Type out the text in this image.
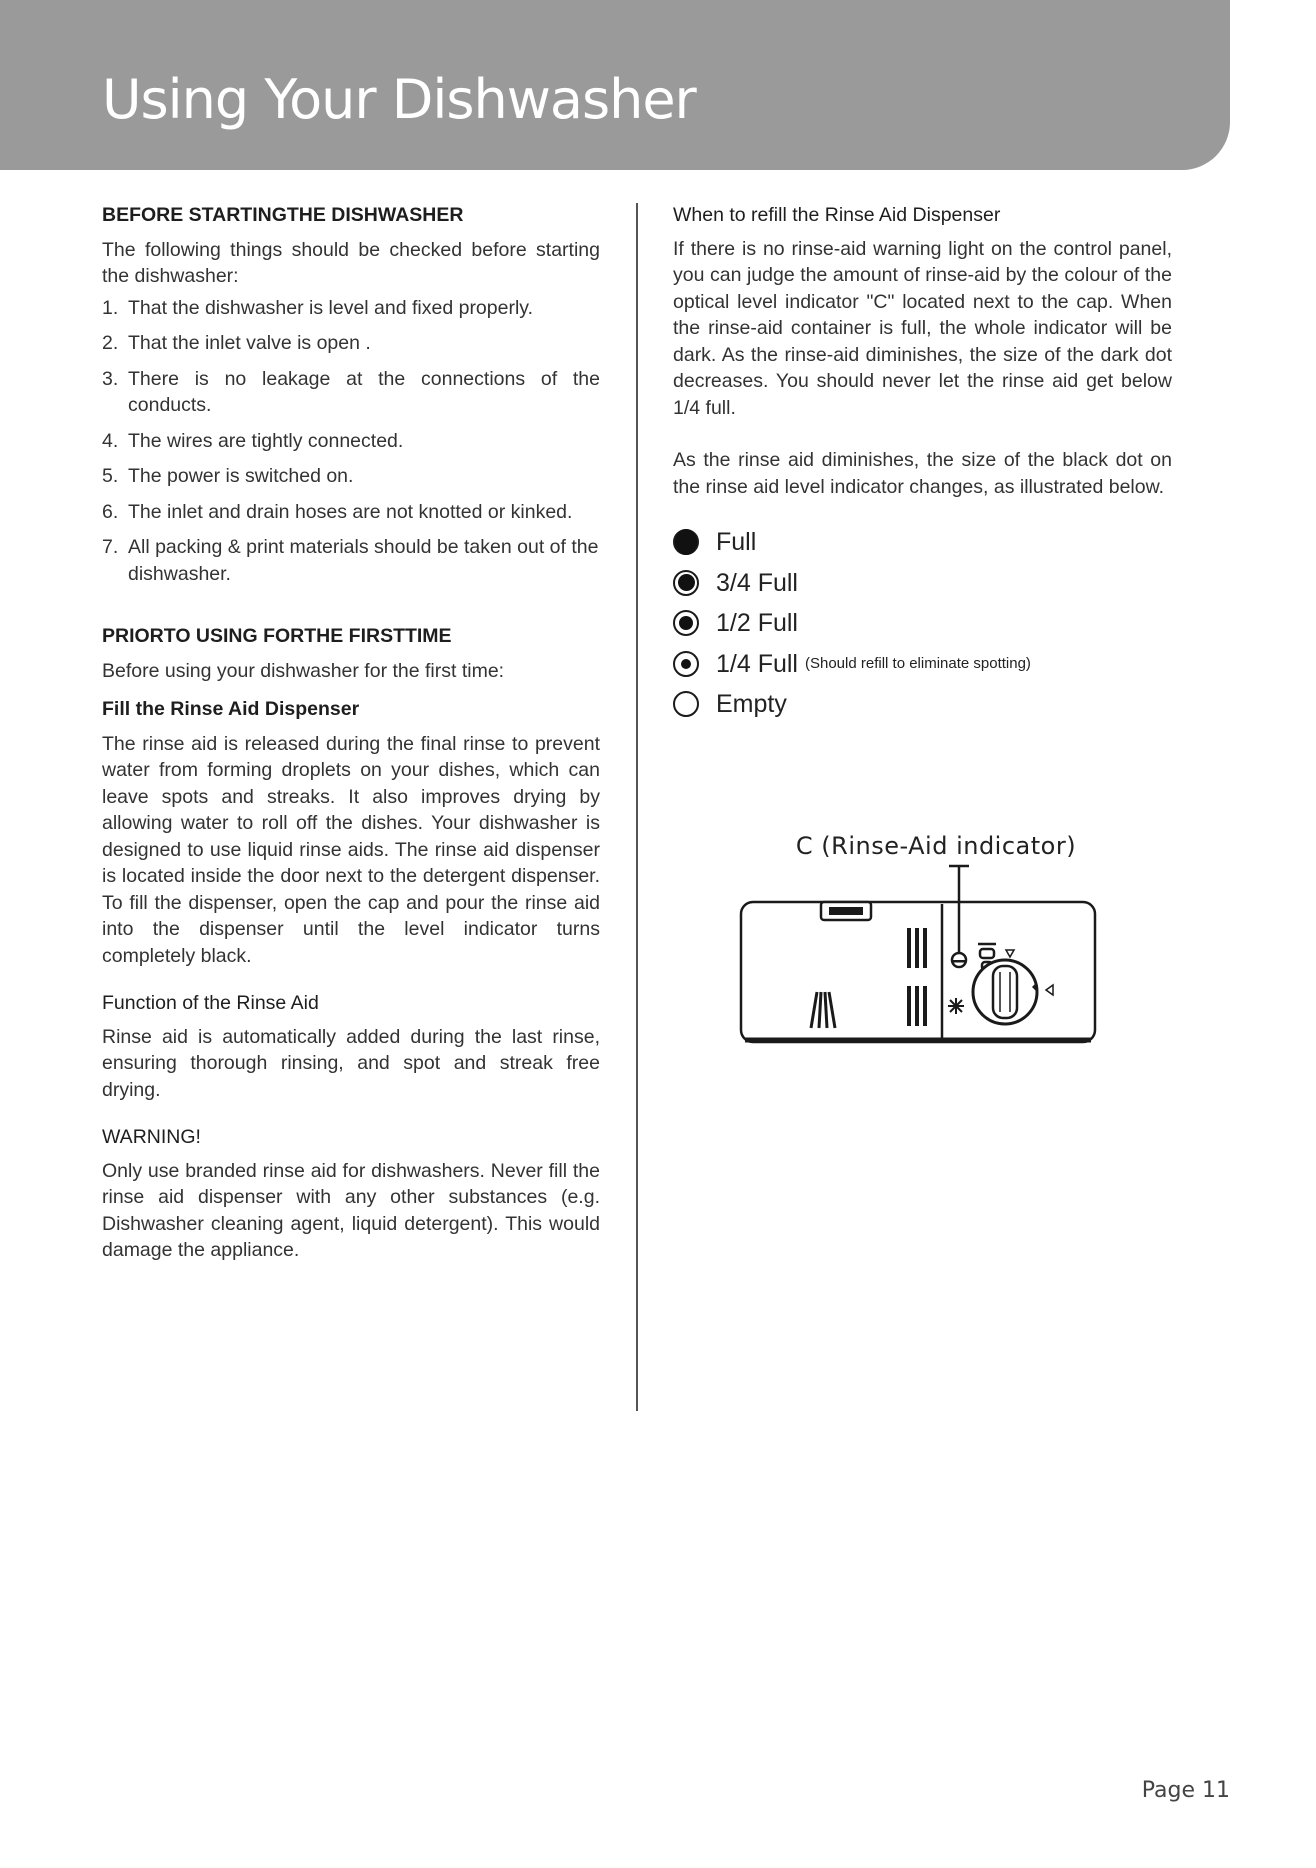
Using Your Dishwasher
BEFORE STARTINGTHE DISHWASHER

The following things should be checked before starting the dishwasher:

1. That the dishwasher is level and fixed properly.
2. That the inlet valve is open .
3. There is no leakage at the connections of the conducts.
4. The wires are tightly connected.
5. The power is switched on.
6. The inlet and drain hoses are not knotted or kinked.
7. All packing & print materials should be taken out of the dishwasher.
PRIORTO USING FORTHE FIRSTTIME

Before using your dishwasher for the first time:

Fill the Rinse Aid Dispenser

The rinse aid is released during the final rinse to prevent water from forming droplets on your dishes, which can leave spots and streaks. It also improves drying by allowing water to roll off the dishes. Your dishwasher is designed to use liquid rinse aids. The rinse aid dispenser is located inside the door next to the detergent dispenser. To fill the dispenser, open the cap and pour the rinse aid into the dispenser until the level indicator turns completely black.

Function of the Rinse Aid

Rinse aid is automatically added during the last rinse, ensuring thorough rinsing, and spot and streak free drying.

WARNING!

Only use branded rinse aid for dishwashers. Never fill the rinse aid dispenser with any other substances (e.g. Dishwasher cleaning agent, liquid detergent). This would damage the appliance.

When to refill the Rinse Aid Dispenser

If there is no rinse-aid warning light on the control panel, you can judge the amount of rinse-aid by the colour of the optical level indicator "C" located next to the cap. When the rinse-aid container is full, the whole indicator will be dark. As the rinse-aid diminishes, the size of the dark dot decreases. You should never let the rinse aid get below 1/4 full.

As the rinse aid diminishes, the size of the black dot on the rinse aid level indicator changes, as illustrated below.

Full
3/4 Full
1/2 Full
1/4 Full (Should refill to eliminate spotting)
Empty
C (Rinse-Aid indicator)
Page 11
